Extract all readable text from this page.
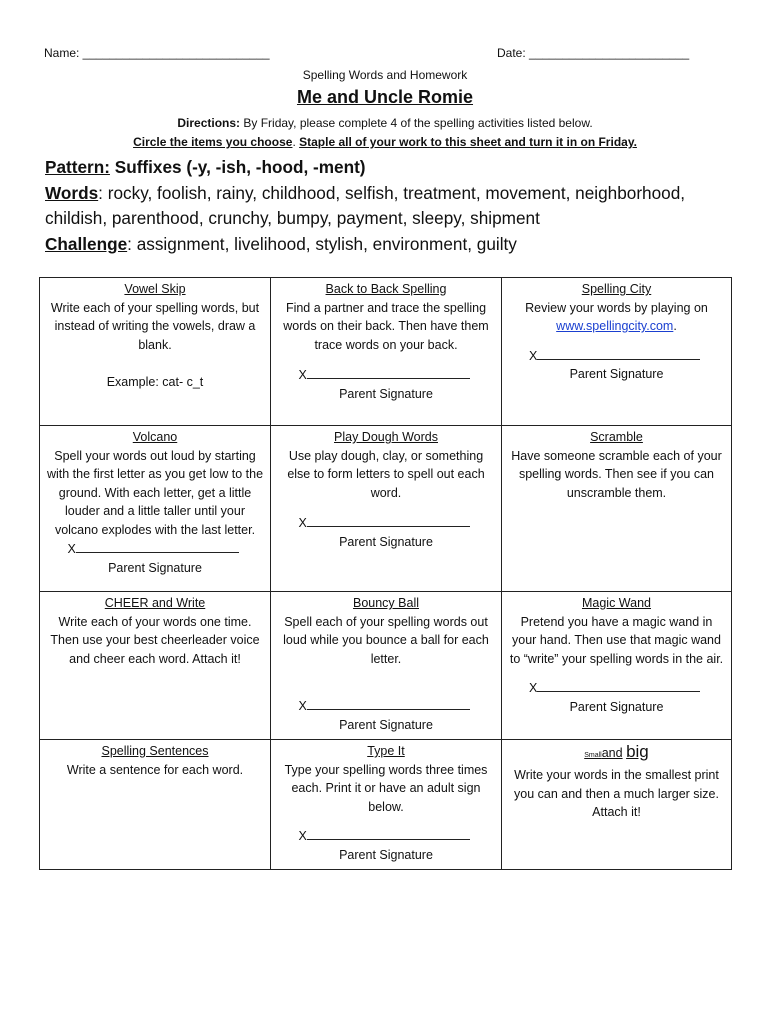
Name: ____________________________	Date: ________________________
Spelling Words and Homework
Me and Uncle Romie
Directions: By Friday, please complete 4 of the spelling activities listed below.
Circle the items you choose. Staple all of your work to this sheet and turn it in on Friday.
Pattern: Suffixes (-y, -ish, -hood, -ment)
Words: rocky, foolish, rainy, childhood, selfish, treatment, movement, neighborhood, childish, parenthood, crunchy, bumpy, payment, sleepy, shipment
Challenge: assignment, livelihood, stylish, environment, guilty
Vowel Skip
Write each of your spelling words, but instead of writing the vowels, draw a blank.
Example: cat- c_t
Back to Back Spelling
Find a partner and trace the spelling words on their back. Then have them trace words on your back.
X
Parent Signature
Spelling City
Review your words by playing on
www.spellingcity.com.
X
Parent Signature
Volcano
Spell your words out loud by starting with the first letter as you get low to the ground. With each letter, get a little louder and a little taller until your volcano explodes with the last letter.
X
Parent Signature
Play Dough Words
Use play dough, clay, or something else to form letters to spell out each word.
X
Parent Signature
Scramble
Have someone scramble each of your spelling words. Then see if you can unscramble them.
CHEER and Write
Write each of your words one time. Then use your best cheerleader voice and cheer each word. Attach it!
Bouncy Ball
Spell each of your spelling words out loud while you bounce a ball for each letter.
X
Parent Signature
Magic Wand
Pretend you have a magic wand in your hand. Then use that magic wand to “write” your spelling words in the air.
X
Parent Signature
Spelling Sentences
Write a sentence for each word.
Type It
Type your spelling words three times each. Print it or have an adult sign below.
X
Parent Signature
Smalland big
Write your words in the smallest print you can and then a much larger size. Attach it!
